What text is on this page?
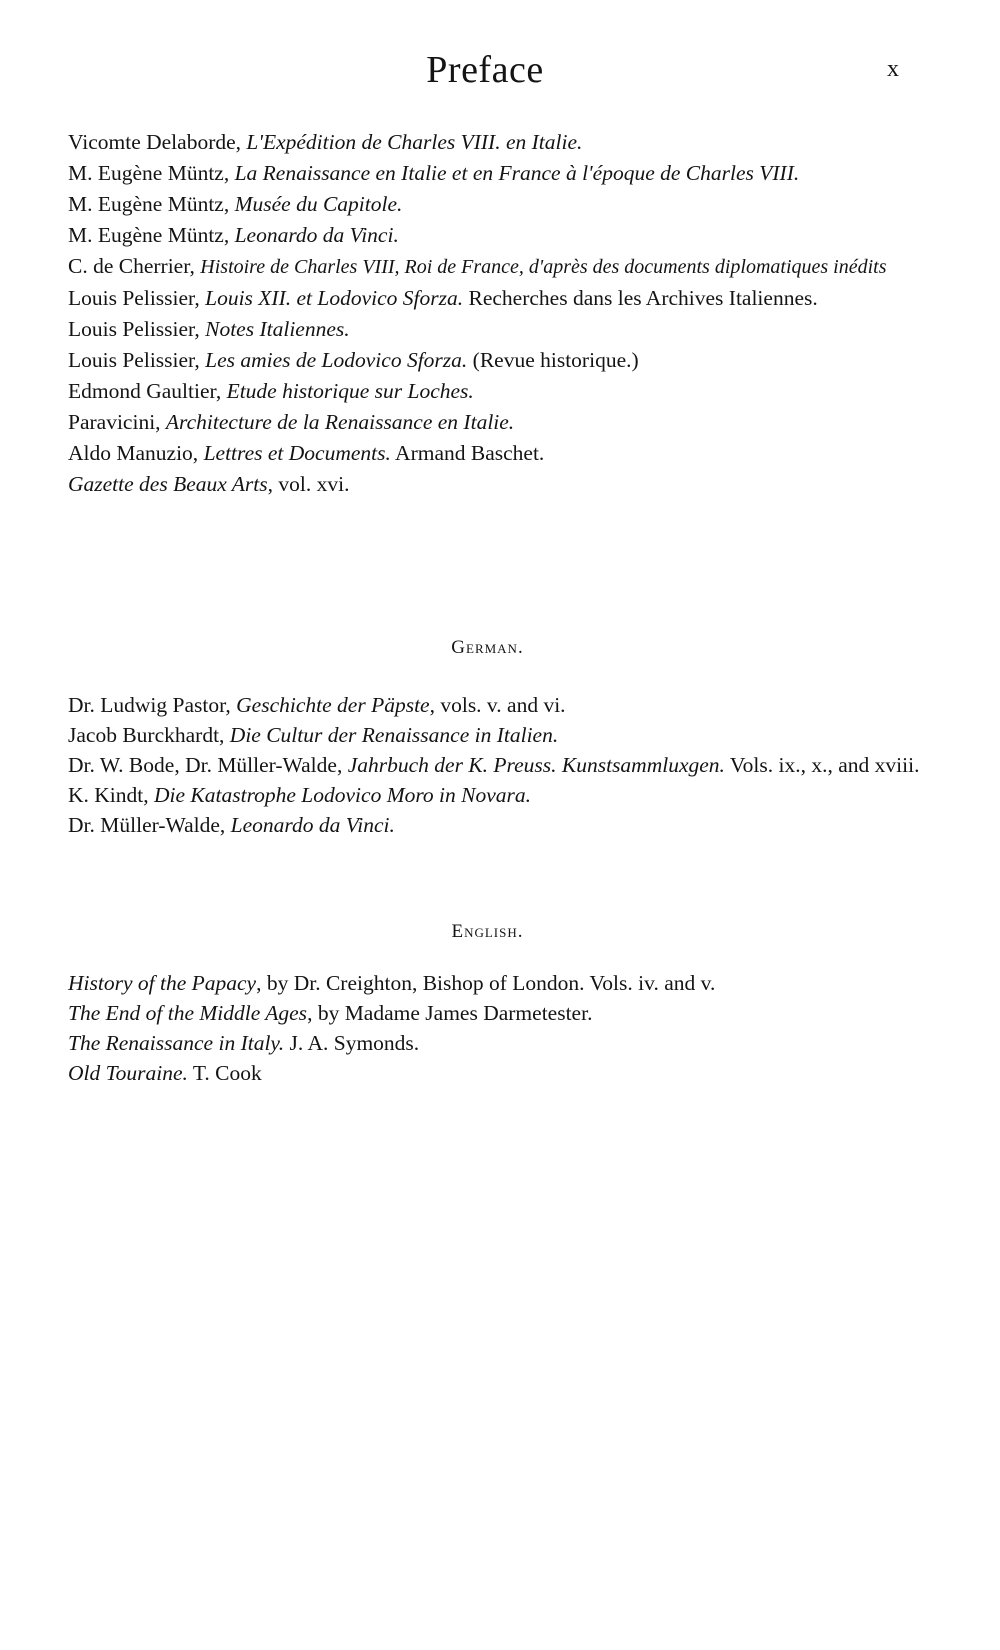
Preface	x

Vicomte Delaborde, L'Expédition de Charles VIII. en Italie.

M. Eugène Müntz, La Renaissance en Italie et en France à l'époque de Charles VIII.

M. Eugène Müntz, Musée du Capitole.

M. Eugène Müntz, Leonardo da Vinci.

C. de Cherrier, Histoire de Charles VIII, Roi de France, d'après des documents diplomatiques inédits

Louis Pelissier, Louis XII. et Lodovico Sforza. Recherches dans les Archives Italiennes.

Louis Pelissier, Notes Italiennes.

Louis Pelissier, Les amies de Lodovico Sforza. (Revue historique.)

Edmond Gaultier, Etude historique sur Loches.

Paravicini, Architecture de la Renaissance en Italie.

Aldo Manuzio, Lettres et Documents. Armand Baschet.

Gazette des Beaux Arts, vol. xvi.

German.

Dr. Ludwig Pastor, Geschichte der Päpste, vols. v. and vi.

Jacob Burckhardt, Die Cultur der Renaissance in Italien.

Dr. W. Bode, Dr. Müller-Walde, Jahrbuch der K. Preuss. Kunstsammluxgen. Vols. ix., x., and xviii.

K. Kindt, Die Katastrophe Lodovico Moro in Novara.

Dr. Müller-Walde, Leonardo da Vinci.

English.

History of the Papacy, by Dr. Creighton, Bishop of London. Vols. iv. and v.

The End of the Middle Ages, by Madame James Darmetester.

The Renaissance in Italy. J. A. Symonds.

Old Touraine. T. Cook
